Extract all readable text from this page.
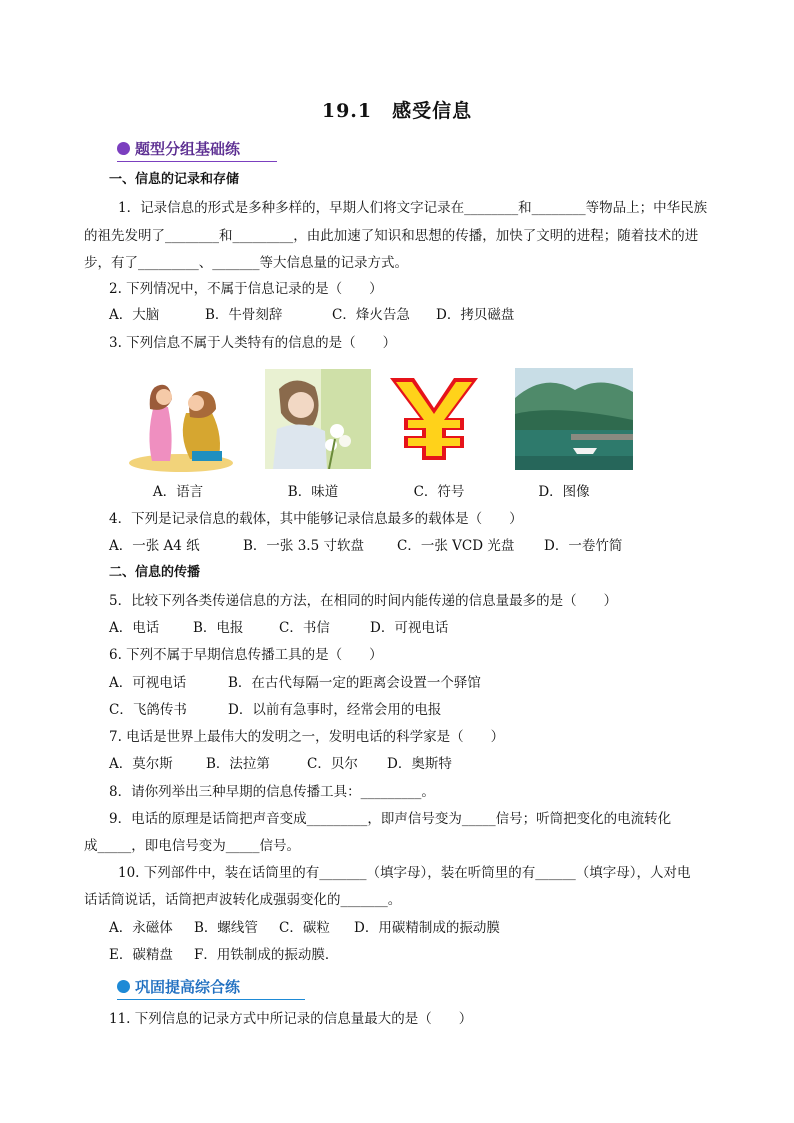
19.1　感受信息
题型分组基础练
一、信息的记录和存储
1．记录信息的形式是多种多样的，早期人们将文字记录在________和________等物品上；中华民族
的祖先发明了________和_________，由此加速了知识和思想的传播，加快了文明的进程；随着技术的进
步，有了_________、_______等大信息量的记录方式。
2. 下列情况中，不属于信息记录的是（　　）
A．大脑	B．牛骨刻辞	C．烽火告急	D．拷贝磁盘
3. 下列信息不属于人类特有的信息的是（　　）
A．语言	B．味道	C．符号	D．图像
4．下列是记录信息的载体，其中能够记录信息最多的载体是（　　）
A．一张 A4 纸	B．一张 3.5 寸软盘	C．一张 VCD 光盘	D．一卷竹简
二、信息的传播
5．比较下列各类传递信息的方法，在相同的时间内能传递的信息量最多的是（　　）
A．电话	B．电报	C．书信	D．可视电话
6. 下列不属于早期信息传播工具的是（　　）
A．可视电话	B．在古代每隔一定的距离会设置一个驿馆
C．飞鸽传书	D．以前有急事时，经常会用的电报
7. 电话是世界上最伟大的发明之一，发明电话的科学家是（　　）
A．莫尔斯	B．法拉第	C．贝尔	D．奥斯特
8．请你列举出三种早期的信息传播工具：_________。
9．电话的原理是话筒把声音变成_________，即声信号变为_____信号；听筒把变化的电流转化
成_____，即电信号变为_____信号。
10. 下列部件中，装在话筒里的有_______（填字母），装在听筒里的有______（填字母），人对电
话话筒说话，话筒把声波转化成强弱变化的_______。
A．永磁体	B．螺线管	C．碳粒	D．用碳精制成的振动膜
E．碳精盘	F．用铁制成的振动膜．
巩固提高综合练
11. 下列信息的记录方式中所记录的信息量最大的是（　　）
